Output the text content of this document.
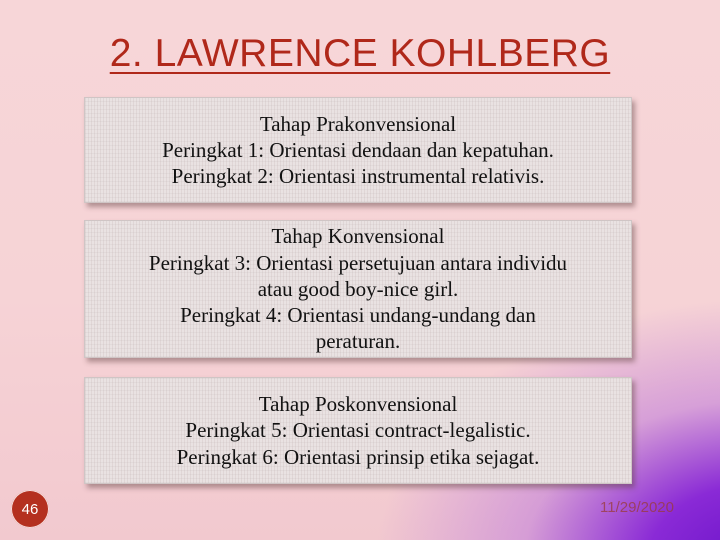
2. LAWRENCE KOHLBERG
Tahap Prakonvensional
Peringkat 1: Orientasi dendaan dan kepatuhan.
Peringkat 2: Orientasi instrumental relativis.
Tahap Konvensional
Peringkat 3: Orientasi persetujuan antara individu
atau good boy-nice girl.
Peringkat 4: Orientasi undang-undang dan
peraturan.
Tahap Poskonvensional
Peringkat 5: Orientasi contract-legalistic.
Peringkat 6: Orientasi prinsip etika sejagat.
46	11/29/2020
